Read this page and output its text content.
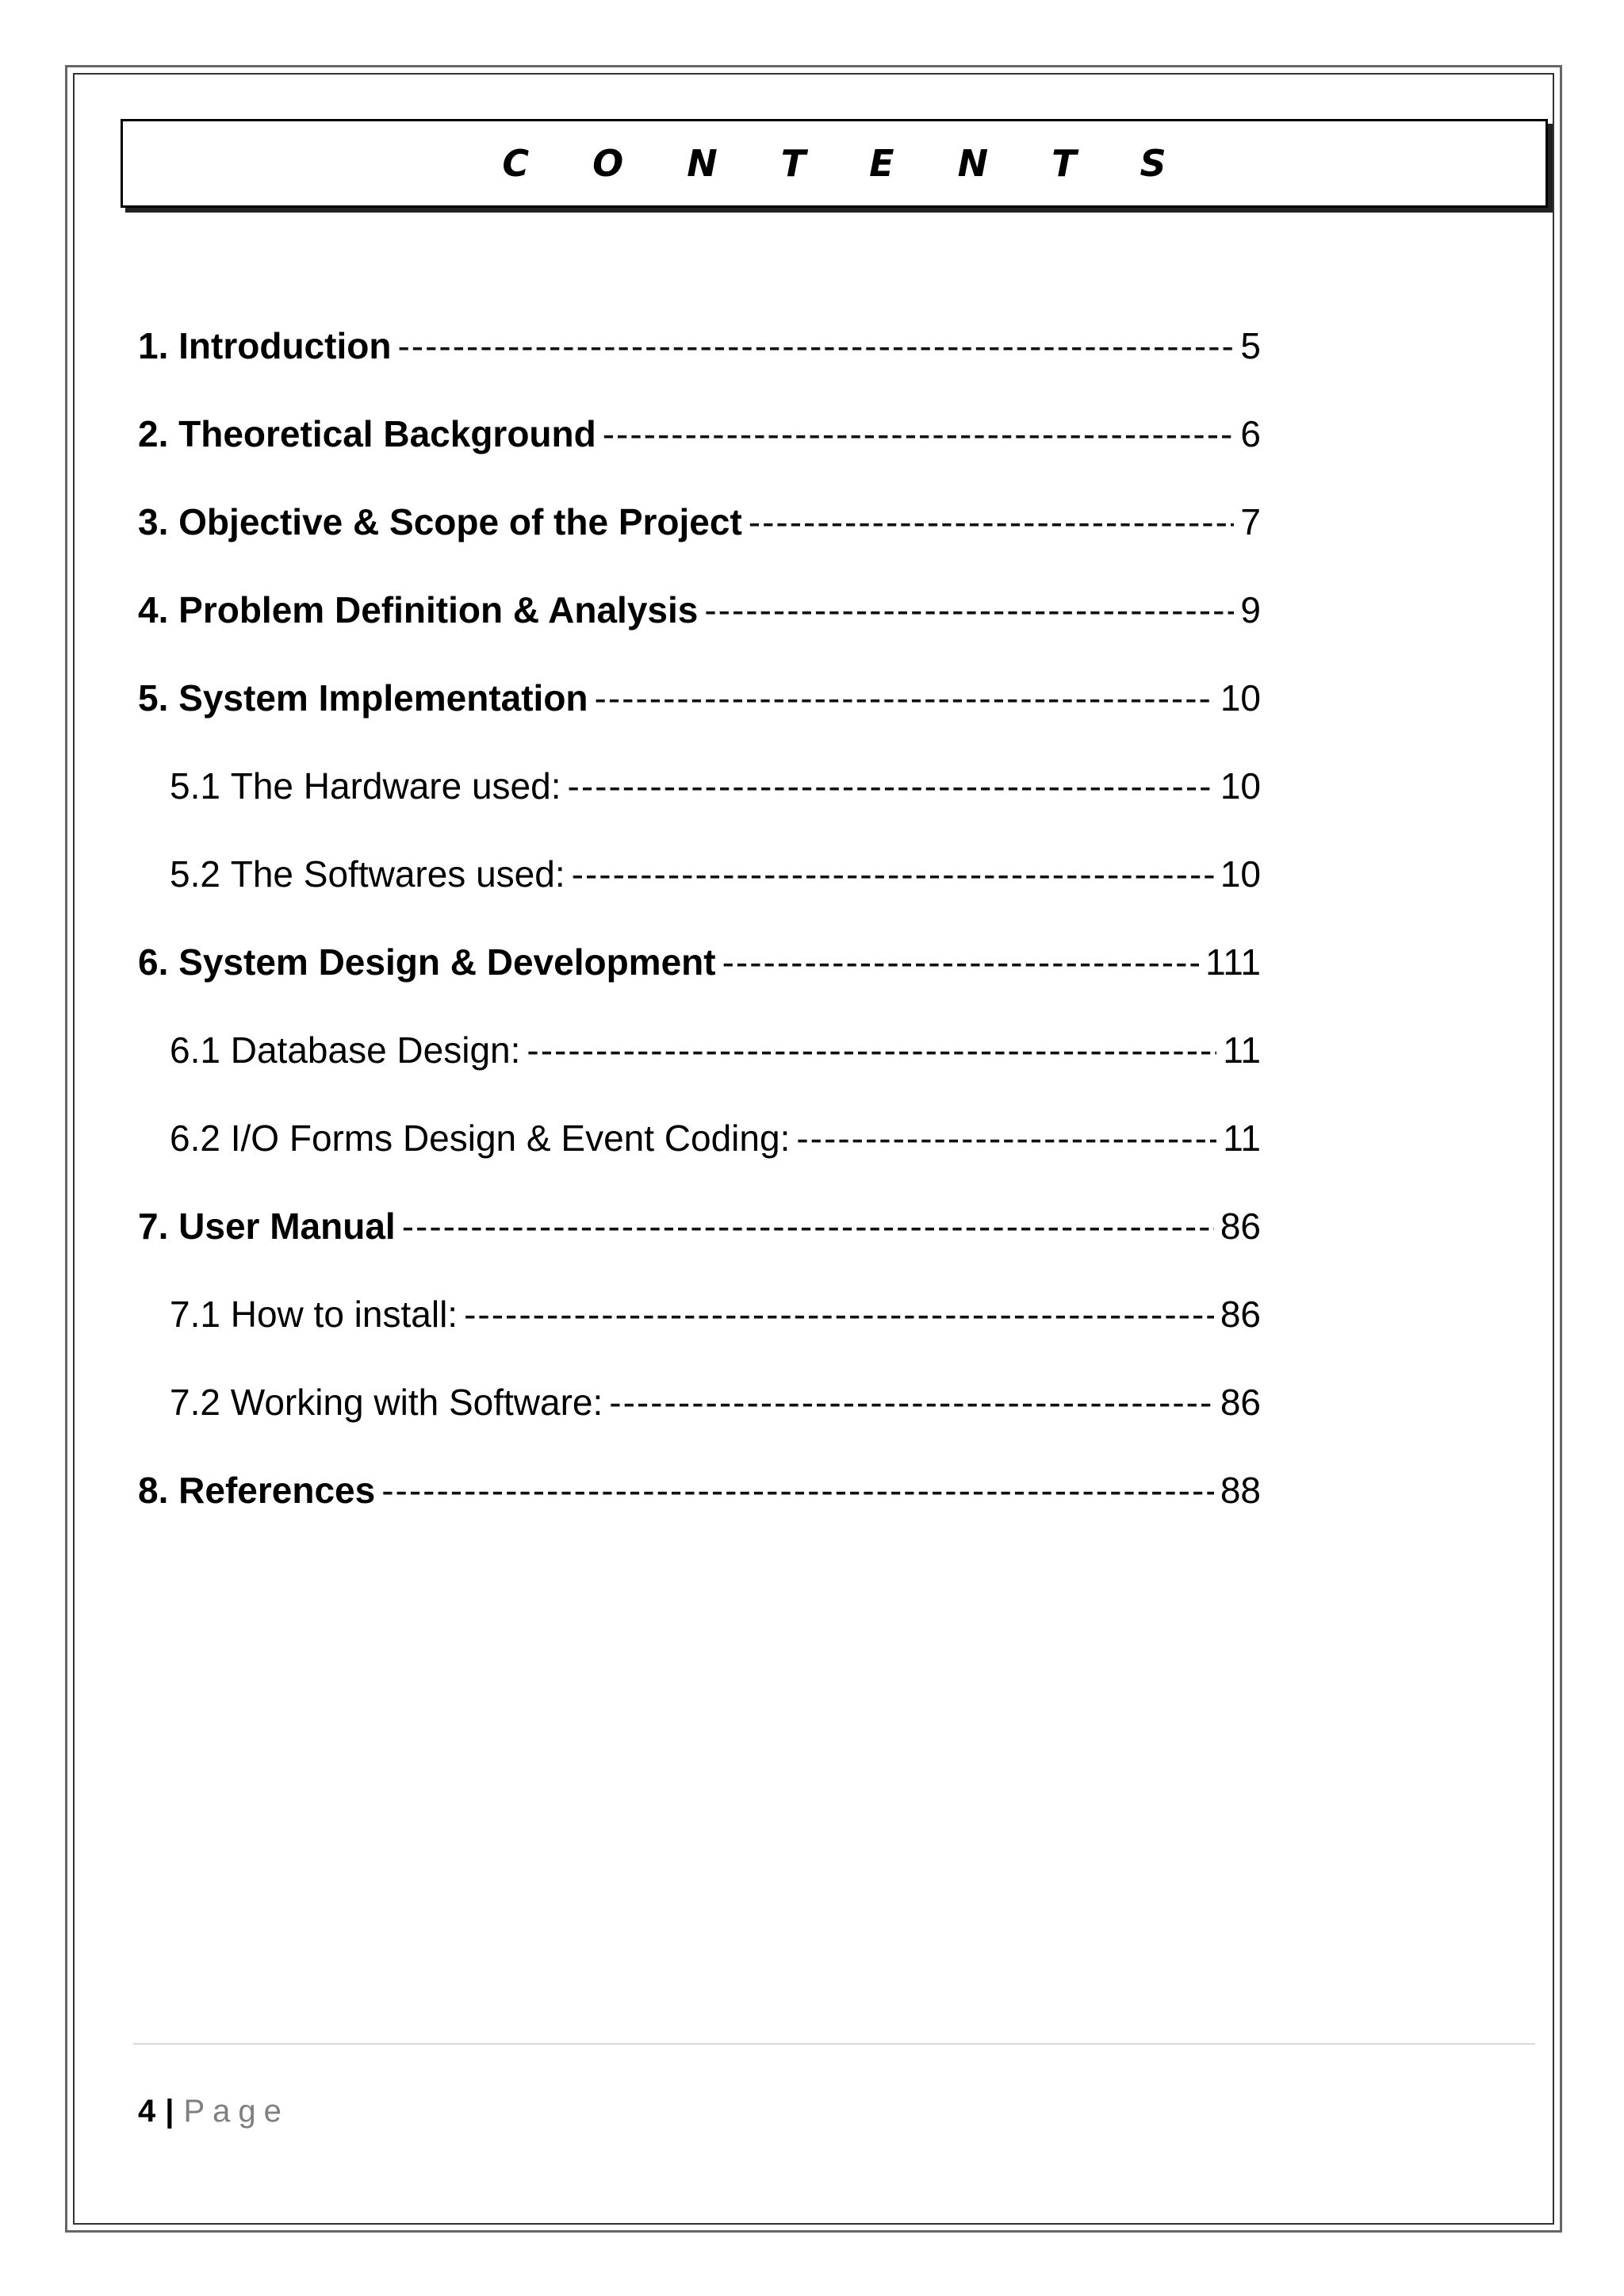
C O N T E N T S
1. Introduction -----	5
2. Theoretical Background -----	6
3. Objective & Scope of the Project -----	7
4. Problem Definition & Analysis -----	9
5. System Implementation -----	10
5.1 The Hardware used: -----	10
5.2 The Softwares used: -----	10
6. System Design & Development -----	111
6.1 Database Design: -----	11
6.2 I/O Forms Design & Event Coding: -----	11
7. User Manual -----	86
7.1 How to install: -----	86
7.2 Working with Software: -----	86
8. References -----	88
4 | Page
